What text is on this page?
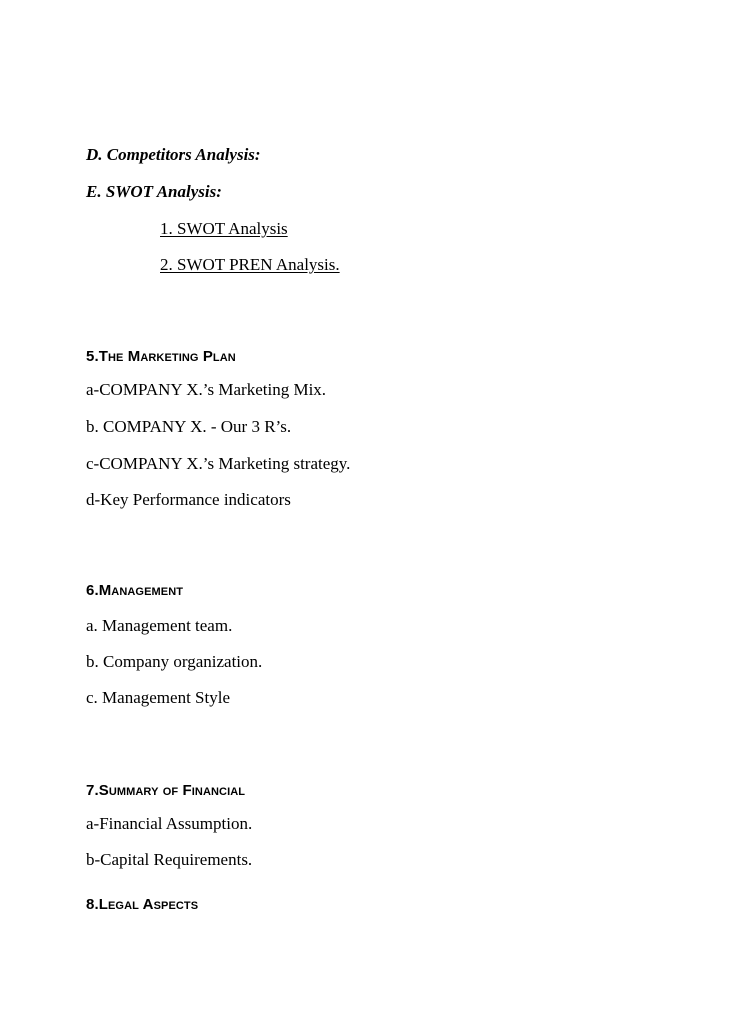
D. Competitors Analysis:
E. SWOT Analysis:
1. SWOT Analysis
2. SWOT PREN Analysis.
5.The Marketing Plan
a-COMPANY X.’s Marketing Mix.
b. COMPANY X. - Our 3 R’s.
c-COMPANY X.’s Marketing strategy.
d-Key Performance indicators
6.Management
a. Management team.
b. Company organization.
c. Management Style
7.Summary of Financial
a-Financial Assumption.
b-Capital Requirements.
8.Legal Aspects
